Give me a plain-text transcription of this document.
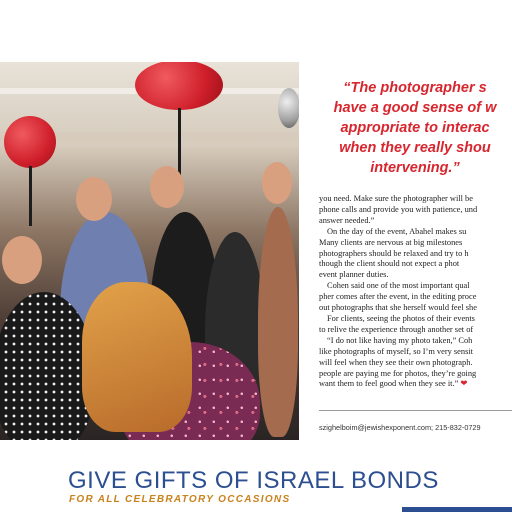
“The photographer s
have a good sense of w
appropriate to interac
when they really shou
intervening.”

you need. Make sure the photographer will be

phone calls and provide you with patience, und

answer needed.”

On the day of the event, Abahel makes su

Many clients are nervous at big milestones

photographers should be relaxed and try to h

though the client should not expect a phot

event planner duties.

Cohen said one of the most important qual

pher comes after the event, in the editing proce

out photographs that she herself would feel she

For clients, seeing the photos of their events

to relive the experience through another set of

“I do not like having my photo taken,” Coh

like photographs of myself, so I’m very sensit

will feel when they see their own photograph.

people are paying me for photos, they’re going

want them to feel good when they see it.” ❤

szighelboim@jewishexponent.com; 215-832-0729
GIVE GIFTS OF ISRAEL BONDS
FOR ALL CELEBRATORY OCCASIONS
